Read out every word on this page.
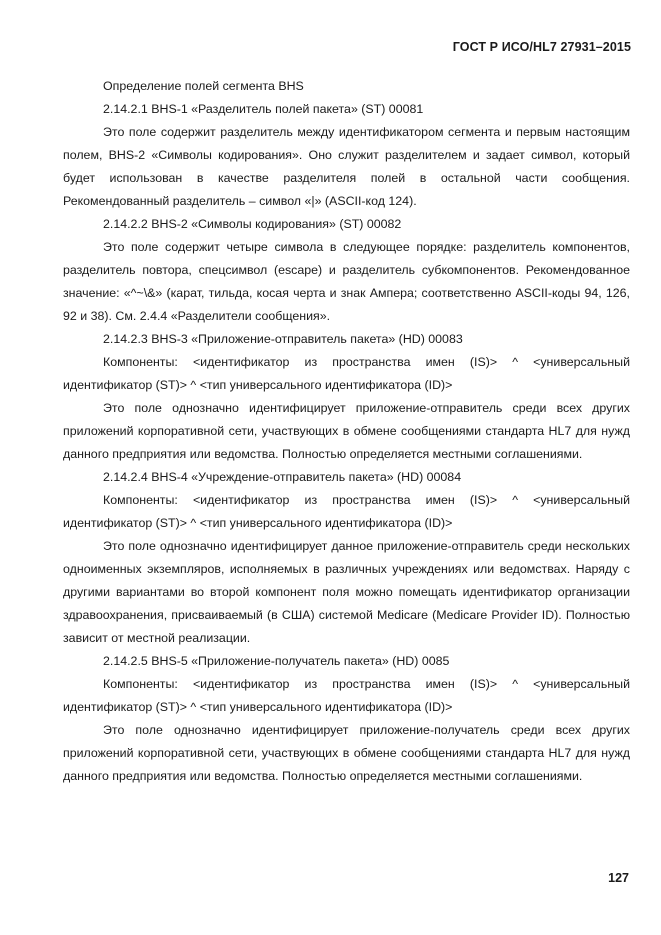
ГОСТ Р ИСО/HL7 27931–2015

Определение полей сегмента BHS

2.14.2.1 BHS-1 «Разделитель полей пакета» (ST) 00081

Это поле содержит разделитель между идентификатором сегмента и первым настоящим полем, BHS-2 «Символы кодирования». Оно служит разделителем и задает символ, который будет использован в качестве разделителя полей в остальной части сообщения. Рекомендованный разделитель – символ «|» (ASCII-код 124).

2.14.2.2 BHS-2 «Символы кодирования» (ST) 00082

Это поле содержит четыре символа в следующее порядке: разделитель компонентов, разделитель повтора, спецсимвол (escape) и разделитель субкомпонентов. Рекомендованное значение: «^~\&» (карат, тильда, косая черта и знак Ампера; соответственно ASCII-коды 94, 126, 92 и 38). См. 2.4.4 «Разделители сообщения».

2.14.2.3 BHS-3 «Приложение-отправитель пакета» (HD) 00083

Компоненты: <идентификатор из пространства имен (IS)> ^ <универсальный идентификатор (ST)> ^ <тип универсального идентификатора (ID)>

Это поле однозначно идентифицирует приложение-отправитель среди всех других приложений корпоративной сети, участвующих в обмене сообщениями стандарта HL7 для нужд данного предприятия или ведомства. Полностью определяется местными соглашениями.

2.14.2.4 BHS-4 «Учреждение-отправитель пакета» (HD) 00084

Компоненты: <идентификатор из пространства имен (IS)> ^ <универсальный идентификатор (ST)> ^ <тип универсального идентификатора (ID)>

Это поле однозначно идентифицирует данное приложение-отправитель среди нескольких одноименных экземпляров, исполняемых в различных учреждениях или ведомствах. Наряду с другими вариантами во второй компонент поля можно помещать идентификатор организации здравоохранения, присваиваемый (в США) системой Medicare (Medicare Provider ID). Полностью зависит от местной реализации.

2.14.2.5 BHS-5 «Приложение-получатель пакета» (HD) 0085

Компоненты: <идентификатор из пространства имен (IS)> ^ <универсальный идентификатор (ST)> ^ <тип универсального идентификатора (ID)>

Это поле однозначно идентифицирует приложение-получатель среди всех других приложений корпоративной сети, участвующих в обмене сообщениями стандарта HL7 для нужд данного предприятия или ведомства. Полностью определяется местными соглашениями.

127
